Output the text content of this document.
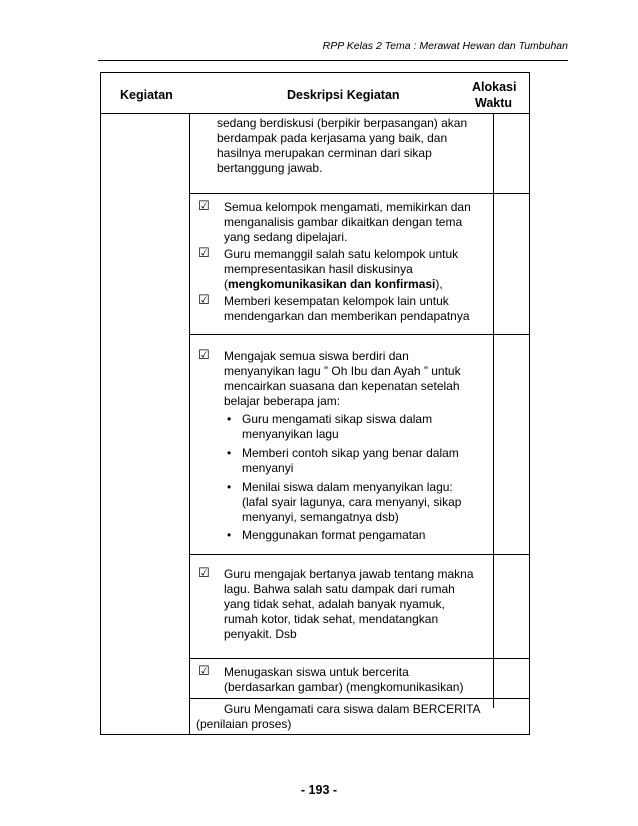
RPP Kelas 2 Tema : Merawat Hewan dan Tumbuhan
Kegiatan	Deskripsi Kegiatan
Alokasi
Waktu
sedang berdiskusi (berpikir berpasangan) akan
berdampak pada kerjasama yang baik, dan
hasilnya merupakan cerminan dari sikap
bertanggung jawab.
☑ Semua kelompok mengamati, memikirkan dan
menganalisis gambar dikaitkan dengan tema
yang sedang dipelajari.
☑ Guru memanggil salah satu kelompok untuk
mempresentasikan hasil diskusinya
(mengkomunikasikan dan konfirmasi),
☑ Memberi kesempatan kelompok lain untuk
mendengarkan dan memberikan pendapatnya
☑ Mengajak semua siswa berdiri dan
menyanyikan lagu ” Oh Ibu dan Ayah ” untuk
mencairkan suasana dan kepenatan setelah
belajar beberapa jam:
• Guru mengamati sikap siswa dalam
menyanyikan lagu
• Memberi contoh sikap yang benar dalam
menyanyi
• Menilai siswa dalam menyanyikan lagu:
(lafal syair lagunya, cara menyanyi, sikap
menyanyi, semangatnya dsb)
• Menggunakan format pengamatan
☑ Guru mengajak bertanya jawab tentang makna
lagu. Bahwa salah satu dampak dari rumah
yang tidak sehat, adalah banyak nyamuk,
rumah kotor, tidak sehat, mendatangkan
penyakit. Dsb
☑ Menugaskan siswa untuk bercerita
(berdasarkan gambar) (mengkomunikasikan)
Guru Mengamati cara siswa dalam BERCERITA
(penilaian proses)
- 193 -
